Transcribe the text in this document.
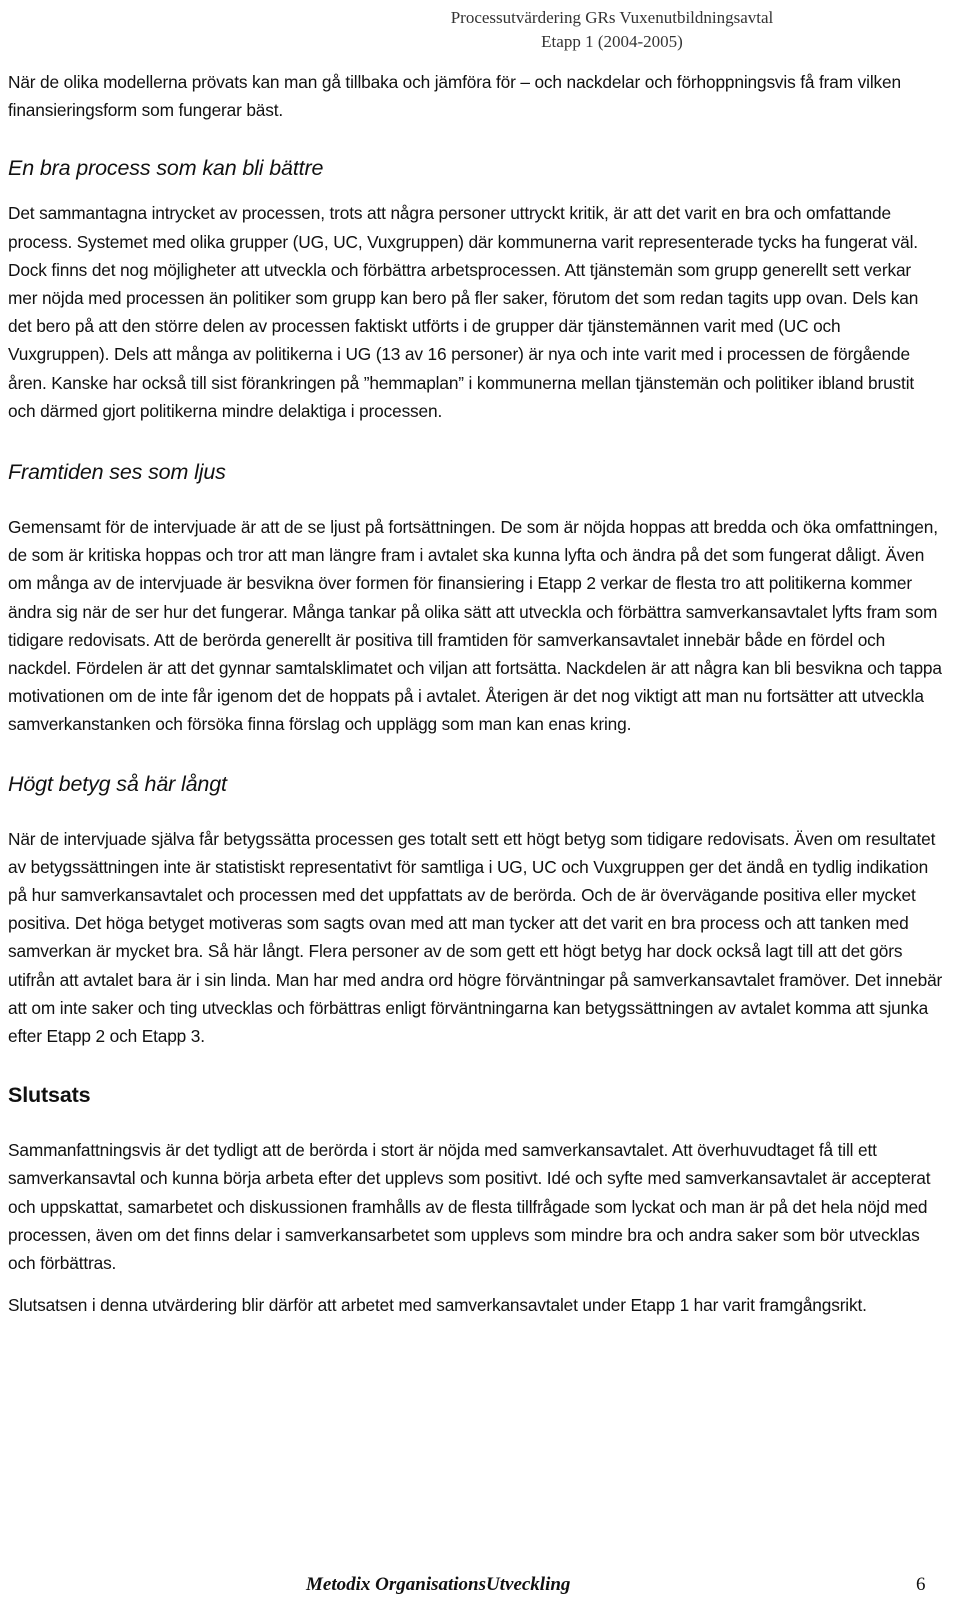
Processutvärdering GRs Vuxenutbildningsavtal
Etapp 1 (2004-2005)

När de olika modellerna prövats kan man gå tillbaka och jämföra för – och nackdelar och förhoppningsvis få fram vilken finansieringsform som fungerar bäst.

En bra process som kan bli bättre

Det sammantagna intrycket av processen, trots att några personer uttryckt kritik, är att det varit en bra och omfattande process. Systemet med olika grupper (UG, UC, Vuxgruppen) där kommunerna varit representerade tycks ha fungerat väl. Dock finns det nog möjligheter att utveckla och förbättra arbetsprocessen. Att tjänstemän som grupp generellt sett verkar mer nöjda med processen än politiker som grupp kan bero på fler saker, förutom det som redan tagits upp ovan. Dels kan det bero på att den större delen av processen faktiskt utförts i de grupper där tjänstemännen varit med (UC och Vuxgruppen). Dels att många av politikerna i UG (13 av 16 personer) är nya och inte varit med i processen de förgående åren. Kanske har också till sist förankringen på ”hemmaplan” i kommunerna mellan tjänstemän och politiker ibland brustit och därmed gjort politikerna mindre delaktiga i processen.

Framtiden ses som ljus

Gemensamt för de intervjuade är att de se ljust på fortsättningen. De som är nöjda hoppas att bredda och öka omfattningen, de som är kritiska hoppas och tror att man längre fram i avtalet ska kunna lyfta och ändra på det som fungerat dåligt. Även om många av de intervjuade är besvikna över formen för finansiering i Etapp 2 verkar de flesta tro att politikerna kommer ändra sig när de ser hur det fungerar. Många tankar på olika sätt att utveckla och förbättra samverkansavtalet lyfts fram som tidigare redovisats. Att de berörda generellt är positiva till framtiden för samverkansavtalet innebär både en fördel och nackdel. Fördelen är att det gynnar samtalsklimatet och viljan att fortsätta. Nackdelen är att några kan bli besvikna och tappa motivationen om de inte får igenom det de hoppats på i avtalet. Återigen är det nog viktigt att man nu fortsätter att utveckla samverkanstanken och försöka finna förslag och upplägg som man kan enas kring.

Högt betyg så här långt

När de intervjuade själva får betygssätta processen ges totalt sett ett högt betyg som tidigare redovisats. Även om resultatet av betygssättningen inte är statistiskt representativt för samtliga i UG, UC och Vuxgruppen ger det ändå en tydlig indikation på hur samverkansavtalet och processen med det uppfattats av de berörda. Och de är övervägande positiva eller mycket positiva. Det höga betyget motiveras som sagts ovan med att man tycker att det varit en bra process och att tanken med samverkan är mycket bra. Så här långt. Flera personer av de som gett ett högt betyg har dock också lagt till att det görs utifrån att avtalet bara är i sin linda. Man har med andra ord högre förväntningar på samverkansavtalet framöver. Det innebär att om inte saker och ting utvecklas och förbättras enligt förväntningarna kan betygssättningen av avtalet komma att sjunka efter Etapp 2 och Etapp 3.

Slutsats

Sammanfattningsvis är det tydligt att de berörda i stort är nöjda med samverkansavtalet. Att överhuvudtaget få till ett samverkansavtal och kunna börja arbeta efter det upplevs som positivt. Idé och syfte med samverkansavtalet är accepterat och uppskattat, samarbetet och diskussionen framhålls av de flesta tillfrågade som lyckat och man är på det hela nöjd med processen, även om det finns delar i samverkansarbetet som upplevs som mindre bra och andra saker som bör utvecklas och förbättras.

Slutsatsen i denna utvärdering blir därför att arbetet med samverkansavtalet under Etapp 1 har varit framgångsrikt.

Metodix OrganisationsUtveckling	6
